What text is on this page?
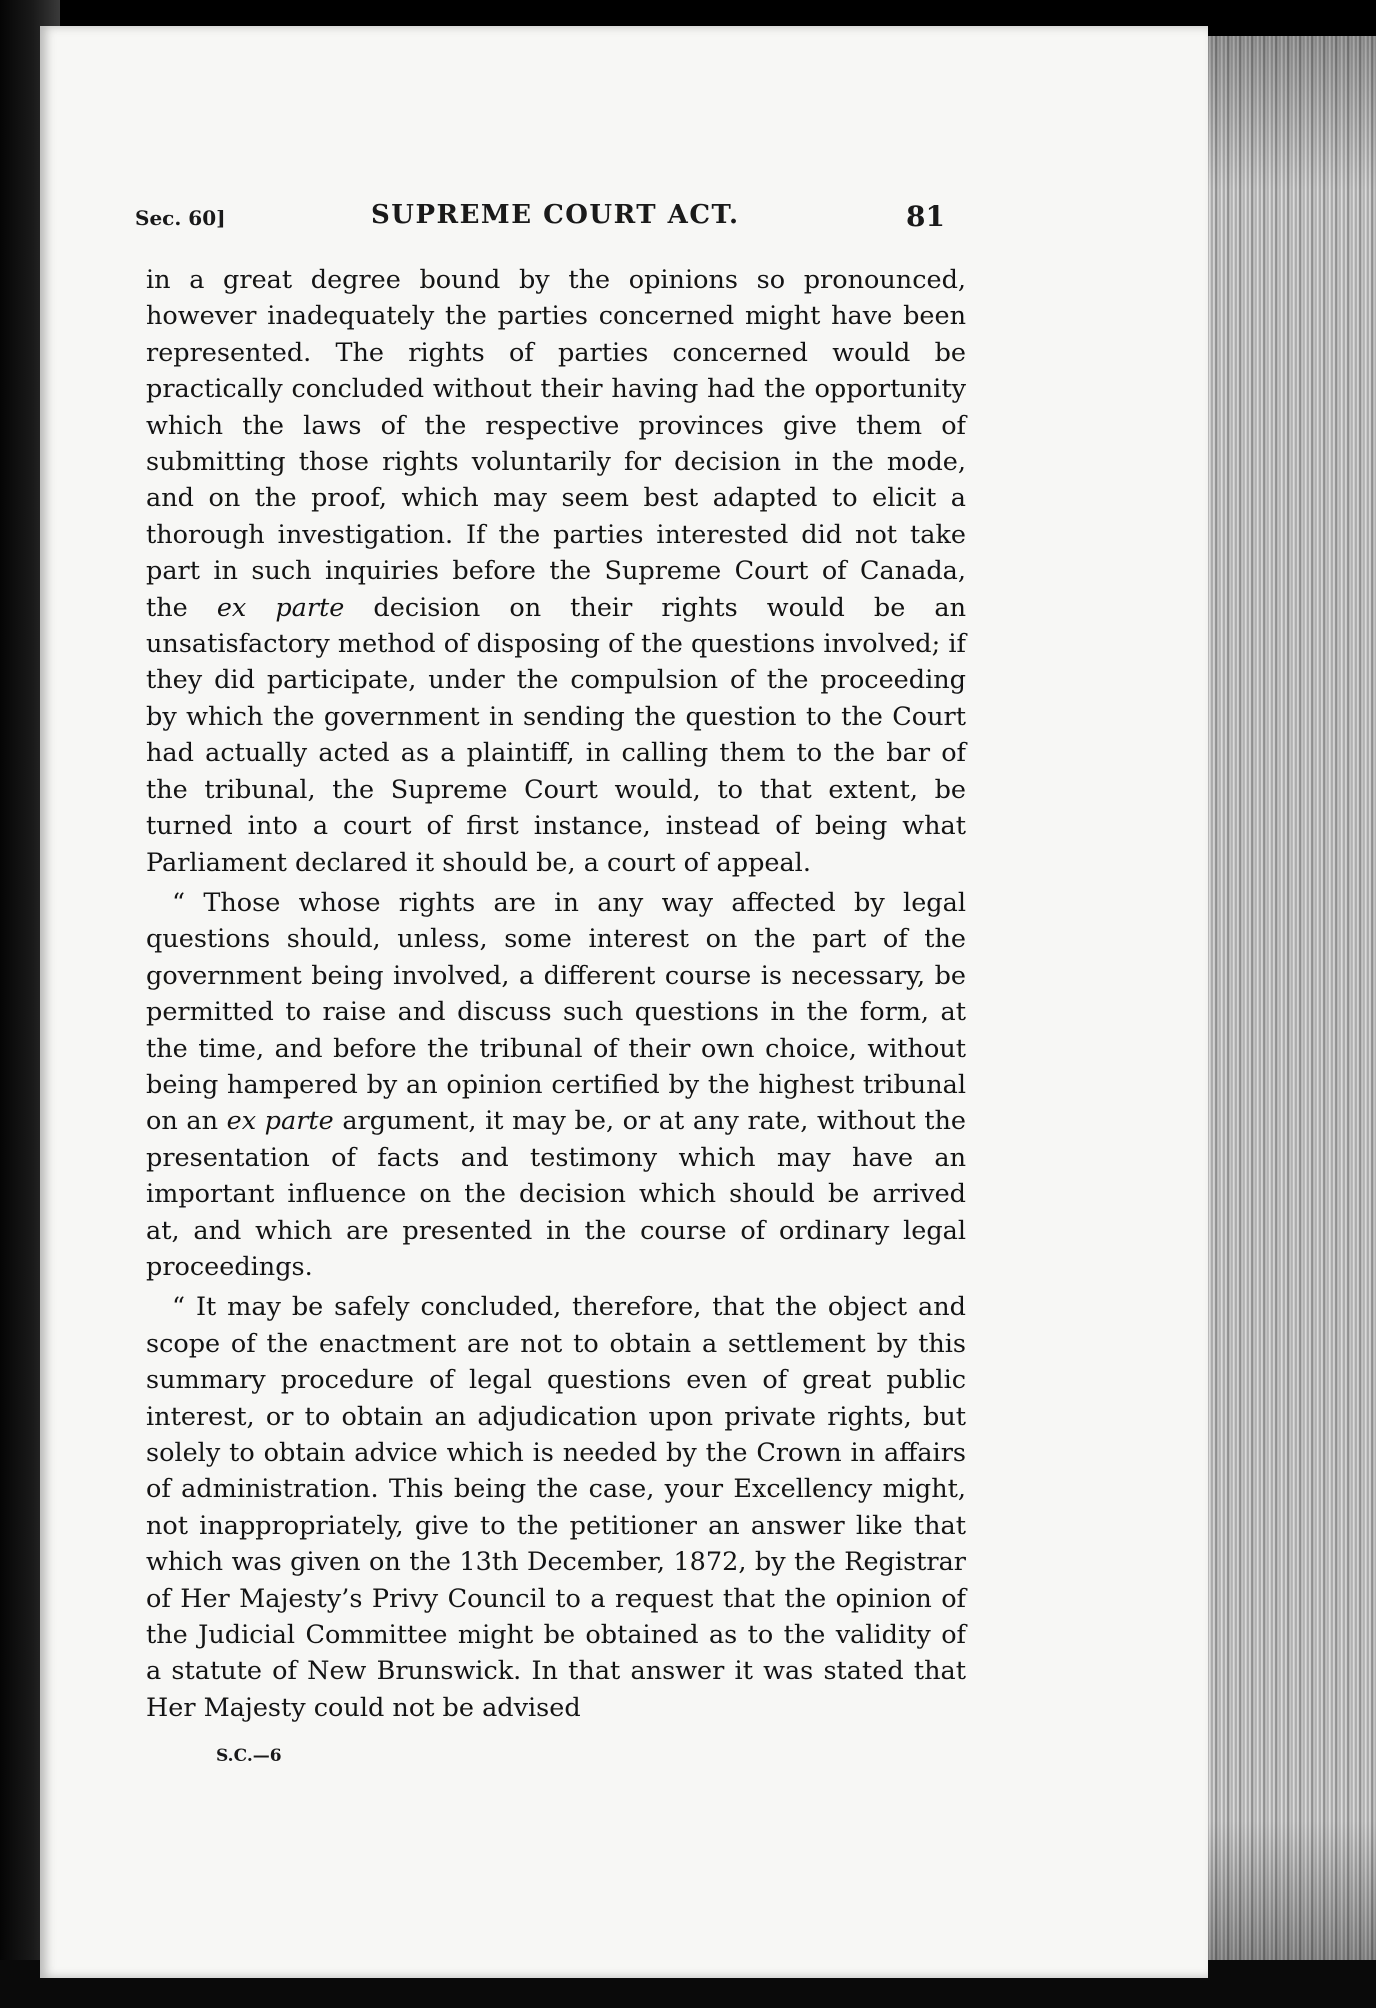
Sec. 60]	SUPREME COURT ACT.	81

in a great degree bound by the opinions so pronounced, however inadequately the parties concerned might have been represented. The rights of parties concerned would be practically concluded without their having had the opportunity which the laws of the respective provinces give them of submitting those rights voluntarily for decision in the mode, and on the proof, which may seem best adapted to elicit a thorough investigation. If the parties interested did not take part in such inquiries before the Supreme Court of Canada, the ex parte decision on their rights would be an unsatisfactory method of disposing of the questions involved; if they did participate, under the compulsion of the proceeding by which the government in sending the question to the Court had actually acted as a plaintiff, in calling them to the bar of the tribunal, the Supreme Court would, to that extent, be turned into a court of first instance, instead of being what Parliament declared it should be, a court of appeal.

“ Those whose rights are in any way affected by legal questions should, unless, some interest on the part of the government being involved, a different course is necessary, be permitted to raise and discuss such questions in the form, at the time, and before the tribunal of their own choice, without being hampered by an opinion certified by the highest tribunal on an ex parte argument, it may be, or at any rate, without the presentation of facts and testimony which may have an important influence on the decision which should be arrived at, and which are presented in the course of ordinary legal proceedings.

“ It may be safely concluded, therefore, that the object and scope of the enactment are not to obtain a settlement by this summary procedure of legal questions even of great public interest, or to obtain an adjudication upon private rights, but solely to obtain advice which is needed by the Crown in affairs of administration. This being the case, your Excellency might, not inappropriately, give to the petitioner an answer like that which was given on the 13th December, 1872, by the Registrar of Her Majesty’s Privy Council to a request that the opinion of the Judicial Committee might be obtained as to the validity of a statute of New Brunswick. In that answer it was stated that Her Majesty could not be advised

S.C.—6
